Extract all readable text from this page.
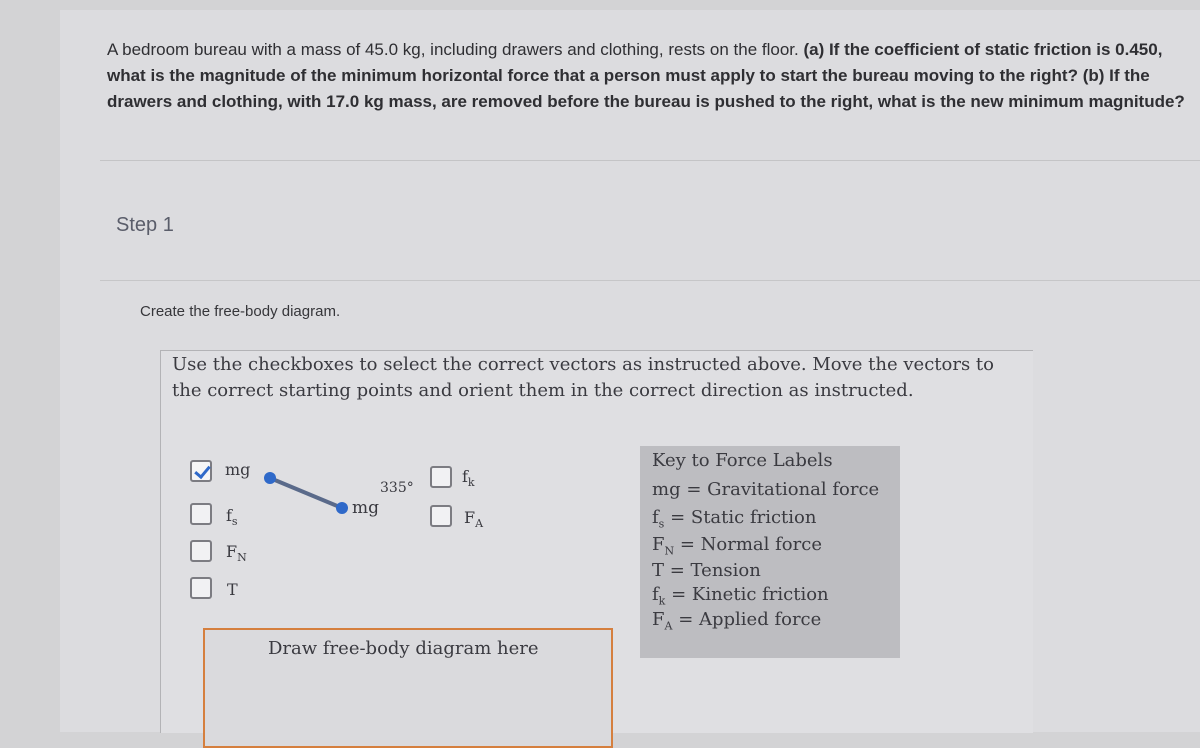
A bedroom bureau with a mass of 45.0 kg, including drawers and clothing, rests on the floor. (a) If the coefficient of static friction is 0.450, what is the magnitude of the minimum horizontal force that a person must apply to start the bureau moving to the right? (b) If the drawers and clothing, with 17.0 kg mass, are removed before the bureau is pushed to the right, what is the new minimum magnitude?
Step 1
Create the free-body diagram.
Use the checkboxes to select the correct vectors as instructed above. Move the vectors to the correct starting points and orient them in the correct direction as instructed.
mg
$f_s$
$F_N$
T
$f_k$
$F_A$
335°
mg
Key to Force Labels
mg = Gravitational force
$f_s$ = Static friction
$F_N$ = Normal force
T = Tension
$f_k$ = Kinetic friction
$F_A$ = Applied force
Draw free-body diagram here
